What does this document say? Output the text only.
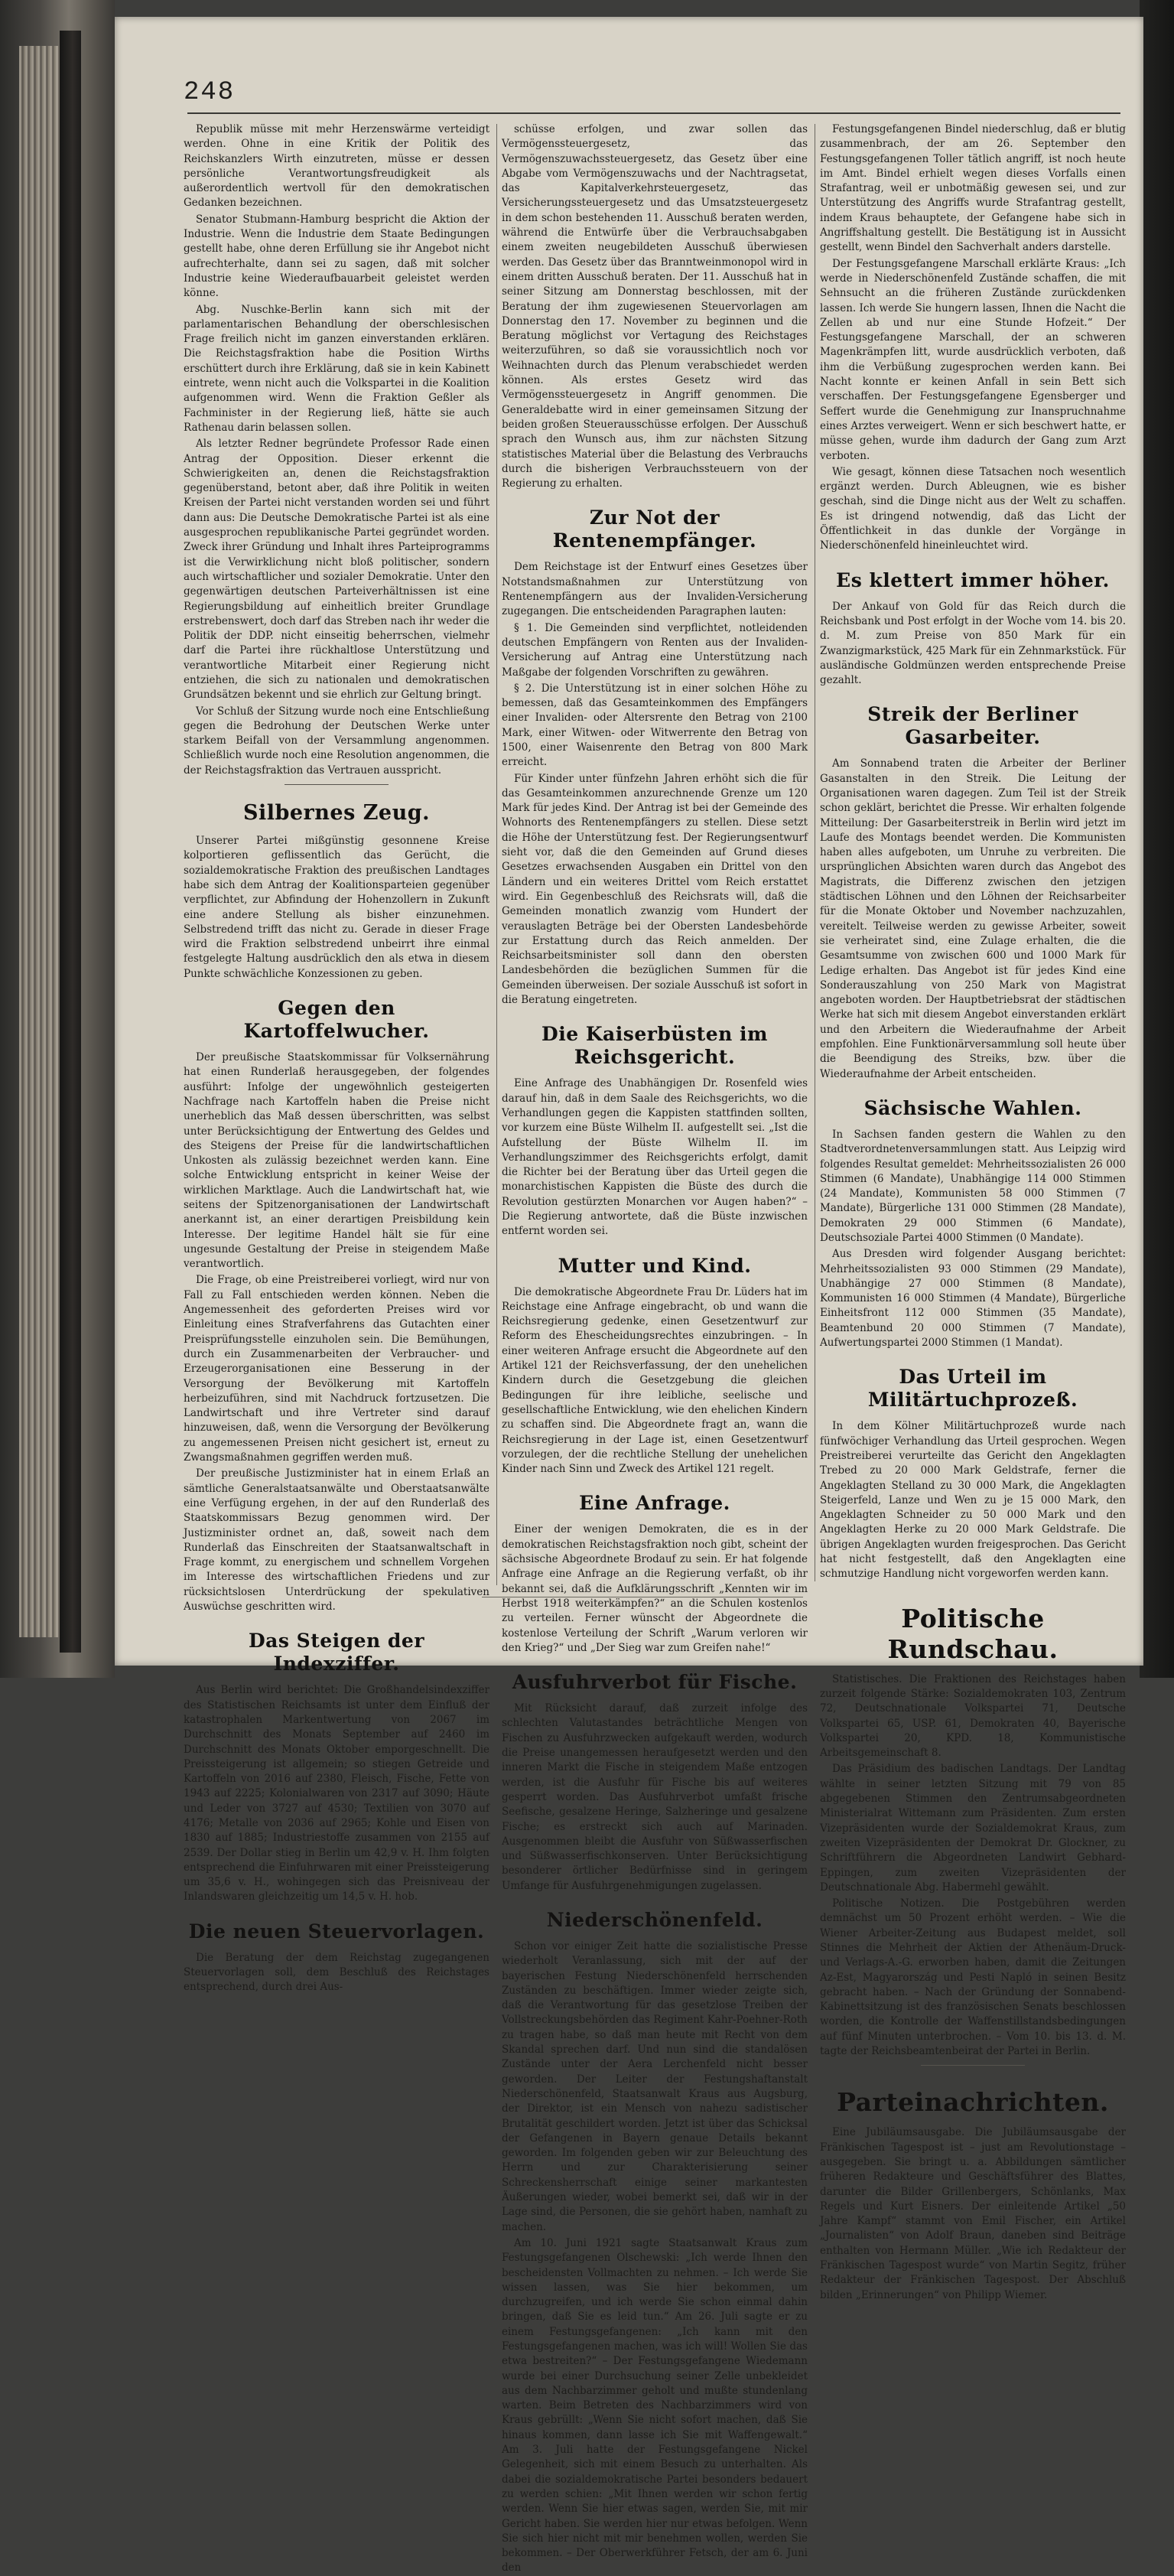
248

Republik müsse mit mehr Herzenswärme verteidigt werden. Ohne in eine Kritik der Politik des Reichskanzlers Wirth einzutreten, müsse er dessen persönliche Verantwortungsfreudigkeit als außerordentlich wertvoll für den demokratischen Gedanken bezeichnen.

Senator Stubmann-Hamburg bespricht die Aktion der Industrie. Wenn die Industrie dem Staate Bedingungen gestellt habe, ohne deren Erfüllung sie ihr Angebot nicht aufrechterhalte, dann sei zu sagen, daß mit solcher Industrie keine Wiederaufbauarbeit geleistet werden könne.

Abg. Nuschke-Berlin kann sich mit der parlamentarischen Behandlung der oberschlesischen Frage freilich nicht im ganzen einverstanden erklären. Die Reichstagsfraktion habe die Position Wirths erschüttert durch ihre Erklärung, daß sie in kein Kabinett eintrete, wenn nicht auch die Volkspartei in die Koalition aufgenommen wird. Wenn die Fraktion Geßler als Fachminister in der Regierung ließ, hätte sie auch Rathenau darin belassen sollen.

Als letzter Redner begründete Professor Rade einen Antrag der Opposition. Dieser erkennt die Schwierigkeiten an, denen die Reichstagsfraktion gegenüberstand, betont aber, daß ihre Politik in weiten Kreisen der Partei nicht verstanden worden sei und führt dann aus: Die Deutsche Demokratische Partei ist als eine ausgesprochen republikanische Partei gegründet worden. Zweck ihrer Gründung und Inhalt ihres Parteiprogramms ist die Verwirklichung nicht bloß politischer, sondern auch wirtschaftlicher und sozialer Demokratie. Unter den gegenwärtigen deutschen Parteiverhältnissen ist eine Regierungsbildung auf einheitlich breiter Grundlage erstrebenswert, doch darf das Streben nach ihr weder die Politik der DDP. nicht einseitig beherrschen, vielmehr darf die Partei ihre rückhaltlose Unterstützung und verantwortliche Mitarbeit einer Regierung nicht entziehen, die sich zu nationalen und demokratischen Grundsätzen bekennt und sie ehrlich zur Geltung bringt.

Vor Schluß der Sitzung wurde noch eine Entschließung gegen die Bedrohung der Deutschen Werke unter starkem Beifall von der Versammlung angenommen. Schließlich wurde noch eine Resolution angenommen, die der Reichstagsfraktion das Vertrauen ausspricht.

Silbernes Zeug.

Unserer Partei mißgünstig gesonnene Kreise kolportieren geflissentlich das Gerücht, die sozialdemokratische Fraktion des preußischen Landtages habe sich dem Antrag der Koalitionsparteien gegenüber verpflichtet, zur Abfindung der Hohenzollern in Zukunft eine andere Stellung als bisher einzunehmen. Selbstredend trifft das nicht zu. Gerade in dieser Frage wird die Fraktion selbstredend unbeirrt ihre einmal festgelegte Haltung ausdrücklich den als etwa in diesem Punkte schwächliche Konzessionen zu geben.

Gegen den Kartoffelwucher.

Der preußische Staatskommissar für Volksernährung hat einen Runderlaß herausgegeben, der folgendes ausführt: Infolge der ungewöhnlich gesteigerten Nachfrage nach Kartoffeln haben die Preise nicht unerheblich das Maß dessen überschritten, was selbst unter Berücksichtigung der Entwertung des Geldes und des Steigens der Preise für die landwirtschaftlichen Unkosten als zulässig bezeichnet werden kann. Eine solche Entwicklung entspricht in keiner Weise der wirklichen Marktlage. Auch die Landwirtschaft hat, wie seitens der Spitzenorganisationen der Landwirtschaft anerkannt ist, an einer derartigen Preisbildung kein Interesse. Der legitime Handel hält sie für eine ungesunde Gestaltung der Preise in steigendem Maße verantwortlich.

Die Frage, ob eine Preistreiberei vorliegt, wird nur von Fall zu Fall entschieden werden können. Neben die Angemessenheit des geforderten Preises wird vor Einleitung eines Strafverfahrens das Gutachten einer Preisprüfungsstelle einzuholen sein. Die Bemühungen, durch ein Zusammenarbeiten der Verbraucher- und Erzeugerorganisationen eine Besserung in der Versorgung der Bevölkerung mit Kartoffeln herbeizuführen, sind mit Nachdruck fortzusetzen. Die Landwirtschaft und ihre Vertreter sind darauf hinzuweisen, daß, wenn die Versorgung der Bevölkerung zu angemessenen Preisen nicht gesichert ist, erneut zu Zwangsmaßnahmen gegriffen werden muß.

Der preußische Justizminister hat in einem Erlaß an sämtliche Generalstaatsanwälte und Oberstaatsanwälte eine Verfügung ergehen, in der auf den Runderlaß des Staatskommissars Bezug genommen wird. Der Justizminister ordnet an, daß, soweit nach dem Runderlaß das Einschreiten der Staatsanwaltschaft in Frage kommt, zu energischem und schnellem Vorgehen im Interesse des wirtschaftlichen Friedens und zur rücksichtslosen Unterdrückung der spekulativen Auswüchse geschritten wird.

Das Steigen der Indexziffer.

Aus Berlin wird berichtet: Die Großhandelsindexziffer des Statistischen Reichsamts ist unter dem Einfluß der katastrophalen Markentwertung von 2067 im Durchschnitt des Monats September auf 2460 im Durchschnitt des Monats Oktober emporgeschnellt. Die Preissteigerung ist allgemein; so stiegen Getreide und Kartoffeln von 2016 auf 2380, Fleisch, Fische, Fette von 1943 auf 2225; Kolonialwaren von 2317 auf 3090; Häute und Leder von 3727 auf 4530; Textilien von 3070 auf 4176; Metalle von 2036 auf 2965; Kohle und Eisen von 1830 auf 1885; Industriestoffe zusammen von 2155 auf 2539. Der Dollar stieg in Berlin um 42,9 v. H. Ihm folgten entsprechend die Einfuhrwaren mit einer Preissteigerung um 35,6 v. H., wohingegen sich das Preisniveau der Inlandswaren gleichzeitig um 14,5 v. H. hob.

Die neuen Steuervorlagen.

Die Beratung der dem Reichstag zugegangenen Steuervorlagen soll, dem Beschluß des Reichstages entsprechend, durch drei Aus-

schüsse erfolgen, und zwar sollen das Vermögenssteuergesetz, das Vermögenszuwachssteuergesetz, das Gesetz über eine Abgabe vom Vermögenszuwachs und der Nachtragsetat, das Kapitalverkehrsteuergesetz, das Versicherungssteuergesetz und das Umsatzsteuergesetz in dem schon bestehenden 11. Ausschuß beraten werden, während die Entwürfe über die Verbrauchsabgaben einem zweiten neugebildeten Ausschuß überwiesen werden. Das Gesetz über das Branntweinmonopol wird in einem dritten Ausschuß beraten. Der 11. Ausschuß hat in seiner Sitzung am Donnerstag beschlossen, mit der Beratung der ihm zugewiesenen Steuervorlagen am Donnerstag den 17. November zu beginnen und die Beratung möglichst vor Vertagung des Reichstages weiterzuführen, so daß sie voraussichtlich noch vor Weihnachten durch das Plenum verabschiedet werden können. Als erstes Gesetz wird das Vermögenssteuergesetz in Angriff genommen. Die Generaldebatte wird in einer gemeinsamen Sitzung der beiden großen Steuerausschüsse erfolgen. Der Ausschuß sprach den Wunsch aus, ihm zur nächsten Sitzung statistisches Material über die Belastung des Verbrauchs durch die bisherigen Verbrauchssteuern von der Regierung zu erhalten.

Zur Not der Rentenempfänger.

Dem Reichstage ist der Entwurf eines Gesetzes über Notstandsmaßnahmen zur Unterstützung von Rentenempfängern aus der Invaliden-Versicherung zugegangen. Die entscheidenden Paragraphen lauten:

§ 1. Die Gemeinden sind verpflichtet, notleidenden deutschen Empfängern von Renten aus der Invaliden-Versicherung auf Antrag eine Unterstützung nach Maßgabe der folgenden Vorschriften zu gewähren.

§ 2. Die Unterstützung ist in einer solchen Höhe zu bemessen, daß das Gesamteinkommen des Empfängers einer Invaliden- oder Altersrente den Betrag von 2100 Mark, einer Witwen- oder Witwerrente den Betrag von 1500, einer Waisenrente den Betrag von 800 Mark erreicht.

Für Kinder unter fünfzehn Jahren erhöht sich die für das Gesamteinkommen anzurechnende Grenze um 120 Mark für jedes Kind. Der Antrag ist bei der Gemeinde des Wohnorts des Rentenempfängers zu stellen. Diese setzt die Höhe der Unterstützung fest. Der Regierungsentwurf sieht vor, daß die den Gemeinden auf Grund dieses Gesetzes erwachsenden Ausgaben ein Drittel von den Ländern und ein weiteres Drittel vom Reich erstattet wird. Ein Gegenbeschluß des Reichsrats will, daß die Gemeinden monatlich zwanzig vom Hundert der verauslagten Beträge bei der Obersten Landesbehörde zur Erstattung durch das Reich anmelden. Der Reichsarbeitsminister soll dann den obersten Landesbehörden die bezüglichen Summen für die Gemeinden überweisen. Der soziale Ausschuß ist sofort in die Beratung eingetreten.

Die Kaiserbüsten im Reichsgericht.

Eine Anfrage des Unabhängigen Dr. Rosenfeld wies darauf hin, daß in dem Saale des Reichsgerichts, wo die Verhandlungen gegen die Kappisten stattfinden sollten, vor kurzem eine Büste Wilhelm II. aufgestellt sei. „Ist die Aufstellung der Büste Wilhelm II. im Verhandlungszimmer des Reichsgerichts erfolgt, damit die Richter bei der Beratung über das Urteil gegen die monarchistischen Kappisten die Büste des durch die Revolution gestürzten Monarchen vor Augen haben?“ – Die Regierung antwortete, daß die Büste inzwischen entfernt worden sei.

Mutter und Kind.

Die demokratische Abgeordnete Frau Dr. Lüders hat im Reichstage eine Anfrage eingebracht, ob und wann die Reichsregierung gedenke, einen Gesetzentwurf zur Reform des Ehescheidungsrechtes einzubringen. – In einer weiteren Anfrage ersucht die Abgeordnete auf den Artikel 121 der Reichsverfassung, der den unehelichen Kindern durch die Gesetzgebung die gleichen Bedingungen für ihre leibliche, seelische und gesellschaftliche Entwicklung, wie den ehelichen Kindern zu schaffen sind. Die Abgeordnete fragt an, wann die Reichsregierung in der Lage ist, einen Gesetzentwurf vorzulegen, der die rechtliche Stellung der unehelichen Kinder nach Sinn und Zweck des Artikel 121 regelt.

Eine Anfrage.

Einer der wenigen Demokraten, die es in der demokratischen Reichstagsfraktion noch gibt, scheint der sächsische Abgeordnete Brodauf zu sein. Er hat folgende Anfrage eine Anfrage an die Regierung verfaßt, ob ihr bekannt sei, daß die Aufklärungsschrift „Kennten wir im Herbst 1918 weiterkämpfen?“ an die Schulen kostenlos zu verteilen. Ferner wünscht der Abgeordnete die kostenlose Verteilung der Schrift „Warum verloren wir den Krieg?“ und „Der Sieg war zum Greifen nahe!“

Ausfuhrverbot für Fische.

Mit Rücksicht darauf, daß zurzeit infolge des schlechten Valutastandes beträchtliche Mengen von Fischen zu Ausfuhrzwecken aufgekauft werden, wodurch die Preise unangemessen heraufgesetzt werden und den inneren Markt die Fische in steigendem Maße entzogen werden, ist die Ausfuhr für Fische bis auf weiteres gesperrt worden. Das Ausfuhrverbot umfaßt frische Seefische, gesalzene Heringe, Salzheringe und gesalzene Fische; es erstreckt sich auch auf Marinaden. Ausgenommen bleibt die Ausfuhr von Süßwasserfischen und Süßwasserfischkonserven. Unter Berücksichtigung besonderer örtlicher Bedürfnisse sind in geringem Umfange für Ausfuhrgenehmigungen zugelassen.

Niederschönenfeld.

Schon vor einiger Zeit hatte die sozialistische Presse wiederholt Veranlassung, sich mit der auf der bayerischen Festung Niederschönenfeld herrschenden Zuständen zu beschäftigen. Immer wieder zeigte sich, daß die Verantwortung für das gesetzlose Treiben der Vollstreckungsbehörden das Regiment Kahr-Poehner-Roth zu tragen habe, so daß man heute mit Recht von dem Skandal sprechen darf. Und nun sind die standalösen Zustände unter der Aera Lerchenfeld nicht besser geworden. Der Leiter der Festungshaftanstalt Niederschönenfeld, Staatsanwalt Kraus aus Augsburg, der Direktor, ist ein Mensch von nahezu sadistischer Brutalität geschildert worden. Jetzt ist über das Schicksal der Gefangenen in Bayern genaue Details bekannt geworden. Im folgenden geben wir zur Beleuchtung des Herrn und zur Charakterisierung seiner Schreckensherrschaft einige seiner markantesten Äußerungen wieder, wobei bemerkt sei, daß wir in der Lage sind, die Personen, die sie gehört haben, namhaft zu machen.

Am 10. Juni 1921 sagte Staatsanwalt Kraus zum Festungsgefangenen Olschewski: „Ich werde Ihnen den bescheidensten Vollmachten zu nehmen. – Ich werde Sie wissen lassen, was Sie hier bekommen, um durchzugreifen, und ich werde Sie schon einmal dahin bringen, daß Sie es leid tun.“ Am 26. Juli sagte er zu einem Festungsgefangenen: „Ich kann mit den Festungsgefangenen machen, was ich will! Wollen Sie das etwa bestreiten?“ – Der Festungsgefangene Wiedemann wurde bei einer Durchsuchung seiner Zelle unbekleidet aus dem Nachbarzimmer geholt und mußte stundenlang warten. Beim Betreten des Nachbarzimmers wird von Kraus gebrüllt: „Wenn Sie nicht sofort machen, daß Sie hinaus kommen, dann lasse ich Sie mit Waffengewalt.“ Am 3. Juli hatte der Festungsgefangene Nickel Gelegenheit, sich mit einem Besuch zu unterhalten. Als dabei die sozialdemokratische Partei besonders bedauert zu werden schien: „Mit Ihnen werden wir schon fertig werden. Wenn Sie hier etwas sagen, werden Sie, mit mir Gericht haben. Sie werden hier nur etwas befolgen. Wenn Sie sich hier nicht mit mir benehmen wollen, werden Sie bekommen. – Der Oberwerkführer Fetsch, der am 6. Juni den

Festungsgefangenen Bindel niederschlug, daß er blutig zusammenbrach, der am 26. September den Festungsgefangenen Toller tätlich angriff, ist noch heute im Amt. Bindel erhielt wegen dieses Vorfalls einen Strafantrag, weil er unbotmäßig gewesen sei, und zur Unterstützung des Angriffs wurde Strafantrag gestellt, indem Kraus behauptete, der Gefangene habe sich in Angriffshaltung gestellt. Die Bestätigung ist in Aussicht gestellt, wenn Bindel den Sachverhalt anders darstelle.

Der Festungsgefangene Marschall erklärte Kraus: „Ich werde in Niederschönenfeld Zustände schaffen, die mit Sehnsucht an die früheren Zustände zurückdenken lassen. Ich werde Sie hungern lassen, Ihnen die Nacht die Zellen ab und nur eine Stunde Hofzeit.“ Der Festungsgefangene Marschall, der an schweren Magenkrämpfen litt, wurde ausdrücklich verboten, daß ihm die Verbüßung zugesprochen werden kann. Bei Nacht konnte er keinen Anfall in sein Bett sich verschaffen. Der Festungsgefangene Egensberger und Seffert wurde die Genehmigung zur Inanspruchnahme eines Arztes verweigert. Wenn er sich beschwert hatte, er müsse gehen, wurde ihm dadurch der Gang zum Arzt verboten.

Wie gesagt, können diese Tatsachen noch wesentlich ergänzt werden. Durch Ableugnen, wie es bisher geschah, sind die Dinge nicht aus der Welt zu schaffen. Es ist dringend notwendig, daß das Licht der Öffentlichkeit in das dunkle der Vorgänge in Niederschönenfeld hineinleuchtet wird.

Es klettert immer höher.

Der Ankauf von Gold für das Reich durch die Reichsbank und Post erfolgt in der Woche vom 14. bis 20. d. M. zum Preise von 850 Mark für ein Zwanzigmarkstück, 425 Mark für ein Zehnmarkstück. Für ausländische Goldmünzen werden entsprechende Preise gezahlt.

Streik der Berliner Gasarbeiter.

Am Sonnabend traten die Arbeiter der Berliner Gasanstalten in den Streik. Die Leitung der Organisationen waren dagegen. Zum Teil ist der Streik schon geklärt, berichtet die Presse. Wir erhalten folgende Mitteilung: Der Gasarbeiterstreik in Berlin wird jetzt im Laufe des Montags beendet werden. Die Kommunisten haben alles aufgeboten, um Unruhe zu verbreiten. Die ursprünglichen Absichten waren durch das Angebot des Magistrats, die Differenz zwischen den jetzigen städtischen Löhnen und den Löhnen der Reichsarbeiter für die Monate Oktober und November nachzuzahlen, vereitelt. Teilweise werden zu gewisse Arbeiter, soweit sie verheiratet sind, eine Zulage erhalten, die die Gesamtsumme von zwischen 600 und 1000 Mark für Ledige erhalten. Das Angebot ist für jedes Kind eine Sonderauszahlung von 250 Mark von Magistrat angeboten worden. Der Hauptbetriebsrat der städtischen Werke hat sich mit diesem Angebot einverstanden erklärt und den Arbeitern die Wiederaufnahme der Arbeit empfohlen. Eine Funktionärversammlung soll heute über die Beendigung des Streiks, bzw. über die Wiederaufnahme der Arbeit entscheiden.

Sächsische Wahlen.

In Sachsen fanden gestern die Wahlen zu den Stadtverordnetenversammlungen statt. Aus Leipzig wird folgendes Resultat gemeldet: Mehrheitssozialisten 26 000 Stimmen (6 Mandate), Unabhängige 114 000 Stimmen (24 Mandate), Kommunisten 58 000 Stimmen (7 Mandate), Bürgerliche 131 000 Stimmen (28 Mandate), Demokraten 29 000 Stimmen (6 Mandate), Deutschsoziale Partei 4000 Stimmen (0 Mandate).

Aus Dresden wird folgender Ausgang berichtet: Mehrheitssozialisten 93 000 Stimmen (29 Mandate), Unabhängige 27 000 Stimmen (8 Mandate), Kommunisten 16 000 Stimmen (4 Mandate), Bürgerliche Einheitsfront 112 000 Stimmen (35 Mandate), Beamtenbund 20 000 Stimmen (7 Mandate), Aufwertungspartei 2000 Stimmen (1 Mandat).

Das Urteil im Militärtuchprozeß.

In dem Kölner Militärtuchprozeß wurde nach fünfwöchiger Verhandlung das Urteil gesprochen. Wegen Preistreiberei verurteilte das Gericht den Angeklagten Trebed zu 20 000 Mark Geldstrafe, ferner die Angeklagten Stelland zu 30 000 Mark, die Angeklagten Steigerfeld, Lanze und Wen zu je 15 000 Mark, den Angeklagten Schneider zu 50 000 Mark und den Angeklagten Herke zu 20 000 Mark Geldstrafe. Die übrigen Angeklagten wurden freigesprochen. Das Gericht hat nicht festgestellt, daß den Angeklagten eine schmutzige Handlung nicht vorgeworfen werden kann.

Politische Rundschau.

Statistisches. Die Fraktionen des Reichstages haben zurzeit folgende Stärke: Sozialdemokraten 103, Zentrum 72, Deutschnationale Volkspartei 71, Deutsche Volkspartei 65, USP. 61, Demokraten 40, Bayerische Volkspartei 20, KPD. 18, Kommunistische Arbeitsgemeinschaft 8.

Das Präsidium des badischen Landtags. Der Landtag wählte in seiner letzten Sitzung mit 79 von 85 abgegebenen Stimmen den Zentrumsabgeordneten Ministerialrat Wittemann zum Präsidenten. Zum ersten Vizepräsidenten wurde der Sozialdemokrat Kraus, zum zweiten Vizepräsidenten der Demokrat Dr. Glockner, zu Schriftführern die Abgeordneten Landwirt Gebhard-Eppingen, zum zweiten Vizepräsidenten der Deutschnationale Abg. Habermehl gewählt.

Politische Notizen. Die Postgebühren werden demnächst um 50 Prozent erhöht werden. – Wie die Wiener Arbeiter-Zeitung aus Budapest meldet, soll Stinnes die Mehrheit der Aktien der Athenäum-Druck- und Verlags-A.-G. erworben haben, damit die Zeitungen Az-Est, Magyarország und Pesti Napló in seinen Besitz gebracht haben. – Nach der Gründung der Sonnabend-Kabinettsitzung ist des französischen Senats beschlossen worden, die Kontrolle der Waffenstillstandsbedingungen auf fünf Minuten unterbrochen. – Vom 10. bis 13. d. M. tagte der Reichsbeamtenbeirat der Partei in Berlin.

Parteinachrichten.

Eine Jubiläumsausgabe. Die Jubiläumsausgabe der Fränkischen Tagespost ist – just am Revolutionstage – ausgegeben. Sie bringt u. a. Abbildungen sämtlicher früheren Redakteure und Geschäftsführer des Blattes, darunter die Bilder Grillenbergers, Schönlanks, Max Regels und Kurt Eisners. Der einleitende Artikel „50 Jahre Kampf“ stammt von Emil Fischer, ein Artikel „Journalisten“ von Adolf Braun, daneben sind Beiträge enthalten von Hermann Müller. „Wie ich Redakteur der Fränkischen Tagespost wurde“ von Martin Segitz, früher Redakteur der Fränkischen Tagespost. Der Abschluß bilden „Erinnerungen“ von Philipp Wiemer.
